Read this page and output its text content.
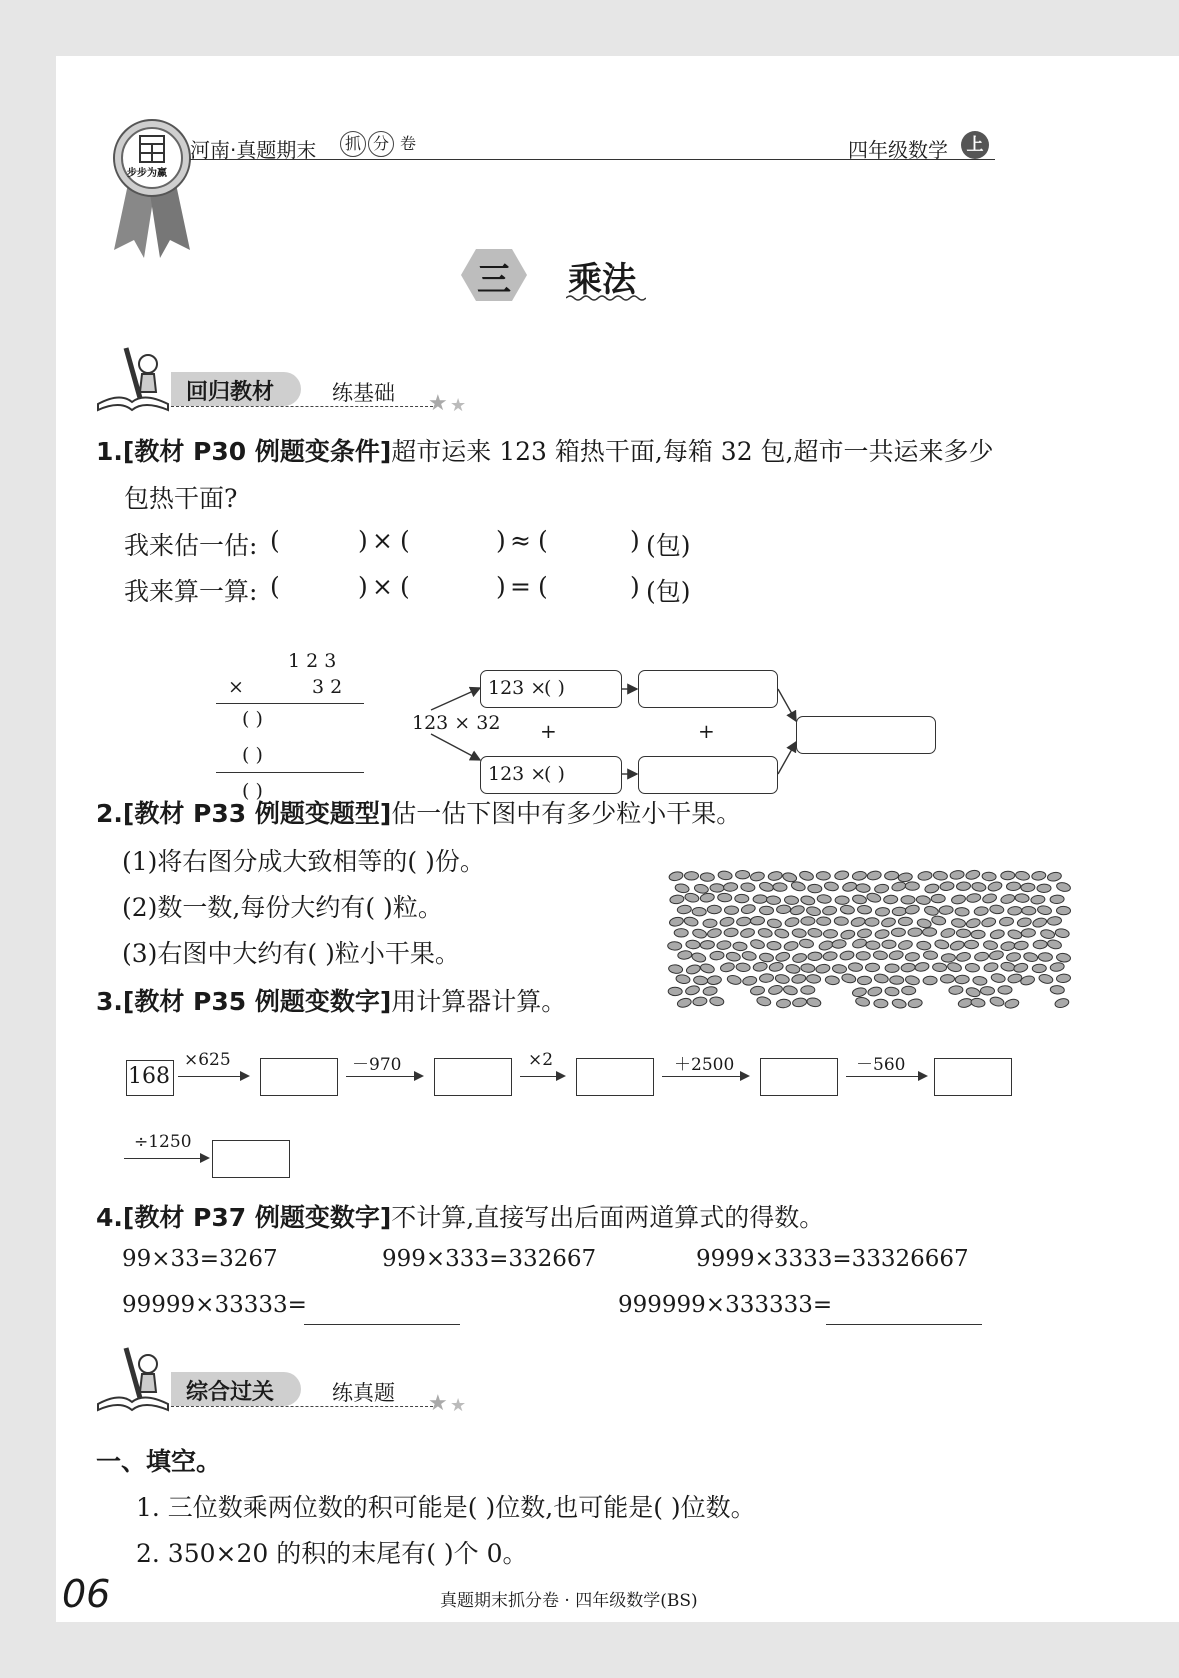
步步为赢
河南·真题期末	抓 分 卷	四年级数学	上
三	乘法
回归教材	练基础 ★ ★
1.[教材 P30 例题变条件]超市运来 123 箱热干面,每箱 32 包,超市一共运来多少
包热干面?
我来估一估: (	) × (	) ≈ (	) (包)
我来算一算: (	) × (	) = (	) (包)
1 2 3
×	3 2
( )
( )
( )
123 × 32
123 ×
( )
+	+
123 ×
( )
2.[教材 P33 例题变题型]估一估下图中有多少粒小干果。
(1)将右图分成大致相等的( )份。
(2)数一数,每份大约有( )粒。
(3)右图中大约有( )粒小干果。
3.[教材 P35 例题变数字]用计算器计算。
168
×625	－970	×2	＋2500	－560
÷1250
4.[教材 P37 例题变数字]不计算,直接写出后面两道算式的得数。
99×33=3267	999×333=332667	9999×3333=33326667
99999×33333=	999999×333333=
综合过关	练真题 ★ ★
一、填空。
1. 三位数乘两位数的积可能是( )位数,也可能是( )位数。
2. 350×20 的积的末尾有( )个 0。
06	真题期末抓分卷 · 四年级数学(BS)
